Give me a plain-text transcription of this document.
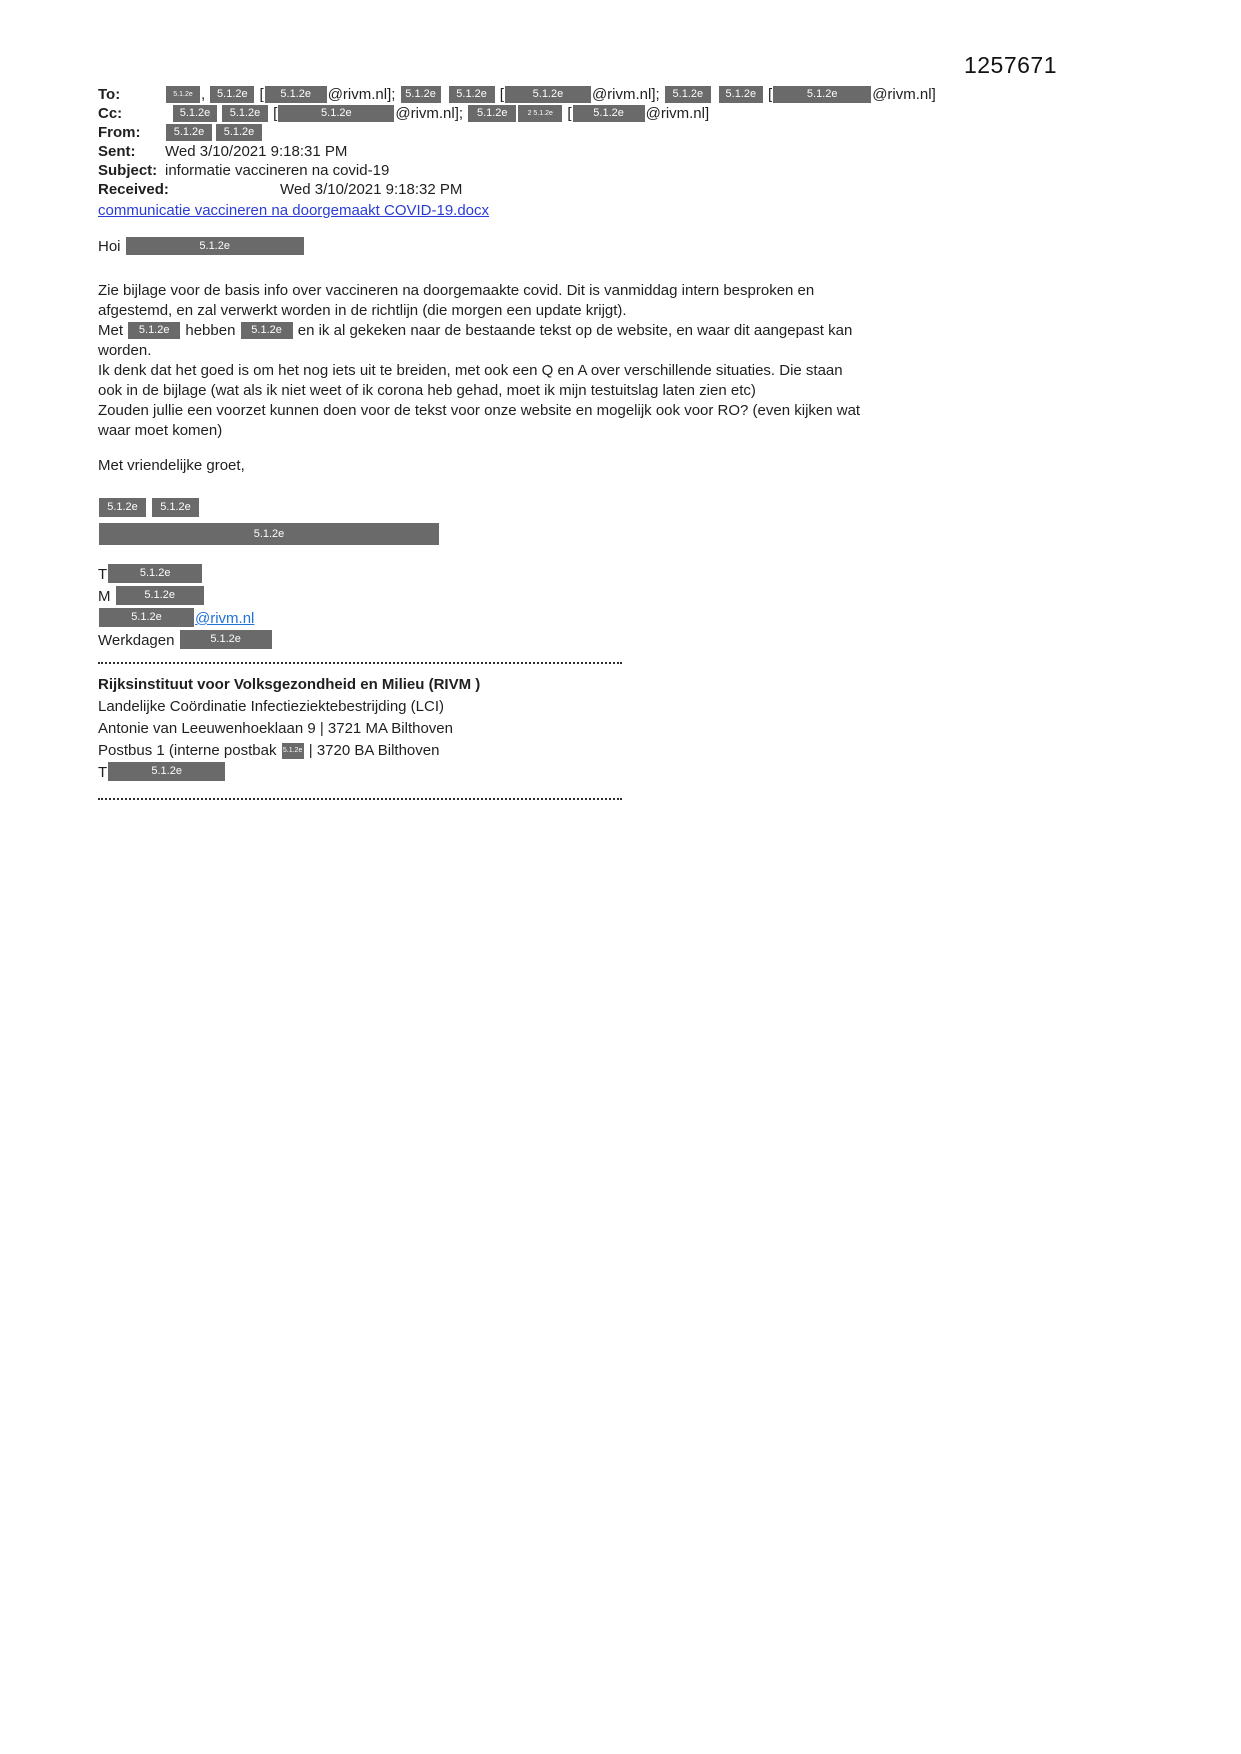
1257671
To:	5.1.2e , 5.1.2e [ 5.1.2e @rivm.nl]; 5.1.2e 5.1.2e [	5.1.2e @rivm.nl]; 5.1.2e 5.1.2e [	5.1.2e @rivm.nl]
Cc:	5.1.2e 5.1.2e [	5.1.2e	@rivm.nl]; 5.1.2e	2 5.1.2e [ 5.1.2e @rivm.nl]
From:	5.1.2e 5.1.2e
Sent: Wed 3/10/2021 9:18:31 PM
Subject: informatie vaccineren na covid-19
Received:	Wed 3/10/2021 9:18:32 PM
communicatie vaccineren na doorgemaakt COVID-19.docx
Hoi	5.1.2e
Zie bijlage voor de basis info over vaccineren na doorgemaakte covid. Dit is vanmiddag intern besproken en
afgestemd, en zal verwerkt worden in de richtlijn (die morgen een update krijgt).
Met 5.1.2e hebben 5.1.2e en ik al gekeken naar de bestaande tekst op de website, en waar dit aangepast kan
worden.
Ik denk dat het goed is om het nog iets uit te breiden, met ook een Q en A over verschillende situaties. Die staan
ook in de bijlage (wat als ik niet weet of ik corona heb gehad, moet ik mijn testuitslag laten zien etc)
Zouden jullie een voorzet kunnen doen voor de tekst voor onze website en mogelijk ook voor RO? (even kijken wat
waar moet komen)
Met vriendelijke groet,
5.1.2e 5.1.2e
5.1.2e
T	5.1.2e
M	5.1.2e
5.1.2e @rivm.nl
Werkdagen	5.1.2e
Rijksinstituut voor Volksgezondheid en Milieu (RIVM )
Landelijke Coördinatie Infectieziektebestrijding (LCI)
Antonie van Leeuwenhoeklaan 9 | 3721 MA Bilthoven
Postbus 1 (interne postbak 5.1.2e | 3720 BA Bilthoven
T	5.1.2e
